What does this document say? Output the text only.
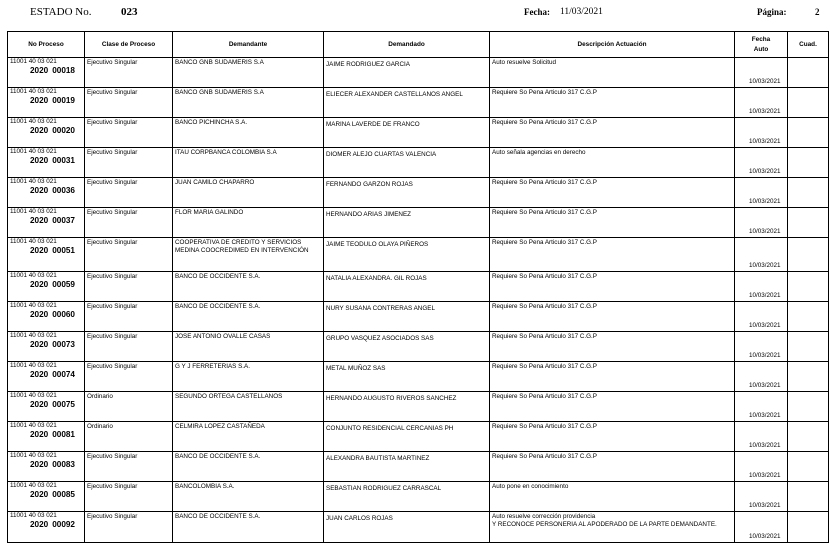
ESTADO No.	023	Fecha: 11/03/2021	Página:	2
No Proceso	Clase de Proceso	Demandante	Demandado	Descripción Actuación	Fecha
Auto	Cuad.

11001 40 03 021
2020 00018	Ejecutivo Singular	BANCO GNB SUDAMERIS S.A	JAIME RODRIGUEZ GARCIA	Auto resuelve Solicitud	10/03/2021	

11001 40 03 021
2020 00019	Ejecutivo Singular	BANCO GNB SUDAMERIS S.A	ELIECER ALEXANDER CASTELLANOS ANGEL	Requiere So Pena Articulo 317 C.G.P	10/03/2021	

11001 40 03 021
2020 00020	Ejecutivo Singular	BANCO PICHINCHA S.A.	MARINA LAVERDE DE FRANCO	Requiere So Pena Articulo 317 C.G.P	10/03/2021	

11001 40 03 021
2020 00031	Ejecutivo Singular	ITAU CORPBANCA COLOMBIA S.A	DIOMER ALEJO CUARTAS VALENCIA	Auto señala agencias en derecho	10/03/2021	

11001 40 03 021
2020 00036	Ejecutivo Singular	JUAN CAMILO CHAPARRO	FERNANDO GARZON ROJAS	Requiere So Pena Articulo 317 C.G.P	10/03/2021	

11001 40 03 021
2020 00037	Ejecutivo Singular	FLOR MARIA GALINDO	HERNANDO ARIAS JIMENEZ	Requiere So Pena Articulo 317 C.G.P	10/03/2021	

11001 40 03 021
2020 00051	Ejecutivo Singular	COOPERATIVA DE CREDITO Y SERVICIOS MEDINA COOCREDIMED EN INTERVENCIÓN	JAIME TEODULO OLAYA PIÑEROS	Requiere So Pena Articulo 317 C.G.P	10/03/2021	

11001 40 03 021
2020 00059	Ejecutivo Singular	BANCO DE OCCIDENTE S.A.	NATALIA ALEXANDRA. GIL ROJAS	Requiere So Pena Articulo 317 C.G.P	10/03/2021	

11001 40 03 021
2020 00060	Ejecutivo Singular	BANCO DE OCCIDENTE S.A.	NURY SUSANA CONTRERAS ANGEL	Requiere So Pena Articulo 317 C.G.P	10/03/2021	

11001 40 03 021
2020 00073	Ejecutivo Singular	JOSE ANTONIO OVALLE CASAS	GRUPO VASQUEZ ASOCIADOS SAS	Requiere So Pena Articulo 317 C.G.P	10/03/2021	

11001 40 03 021
2020 00074	Ejecutivo Singular	G Y J FERRETERIAS S.A.	METAL MUÑOZ SAS	Requiere So Pena Articulo 317 C.G.P	10/03/2021	

11001 40 03 021
2020 00075	Ordinario	SEGUNDO ORTEGA CASTELLANOS	HERNANDO AUGUSTO RIVEROS SANCHEZ	Requiere So Pena Articulo 317 C.G.P	10/03/2021	

11001 40 03 021
2020 00081	Ordinario	CELMIRA LOPEZ CASTAÑEDA	CONJUNTO RESIDENCIAL CERCANIAS PH	Requiere So Pena Articulo 317 C.G.P	10/03/2021	

11001 40 03 021
2020 00083	Ejecutivo Singular	BANCO DE OCCIDENTE S.A.	ALEXANDRA BAUTISTA MARTINEZ	Requiere So Pena Articulo 317 C.G.P	10/03/2021	

11001 40 03 021
2020 00085	Ejecutivo Singular	BANCOLOMBIA S.A.	SEBASTIAN RODRIGUEZ CARRASCAL	Auto pone en conocimiento	10/03/2021	

11001 40 03 021
2020 00092	Ejecutivo Singular	BANCO DE OCCIDENTE S.A.	JUAN CARLOS ROJAS	Auto resuelve corrección providencia
Y RECONOCE PERSONERIA AL APODERADO DE LA PARTE DEMANDANTE.	10/03/2021	
